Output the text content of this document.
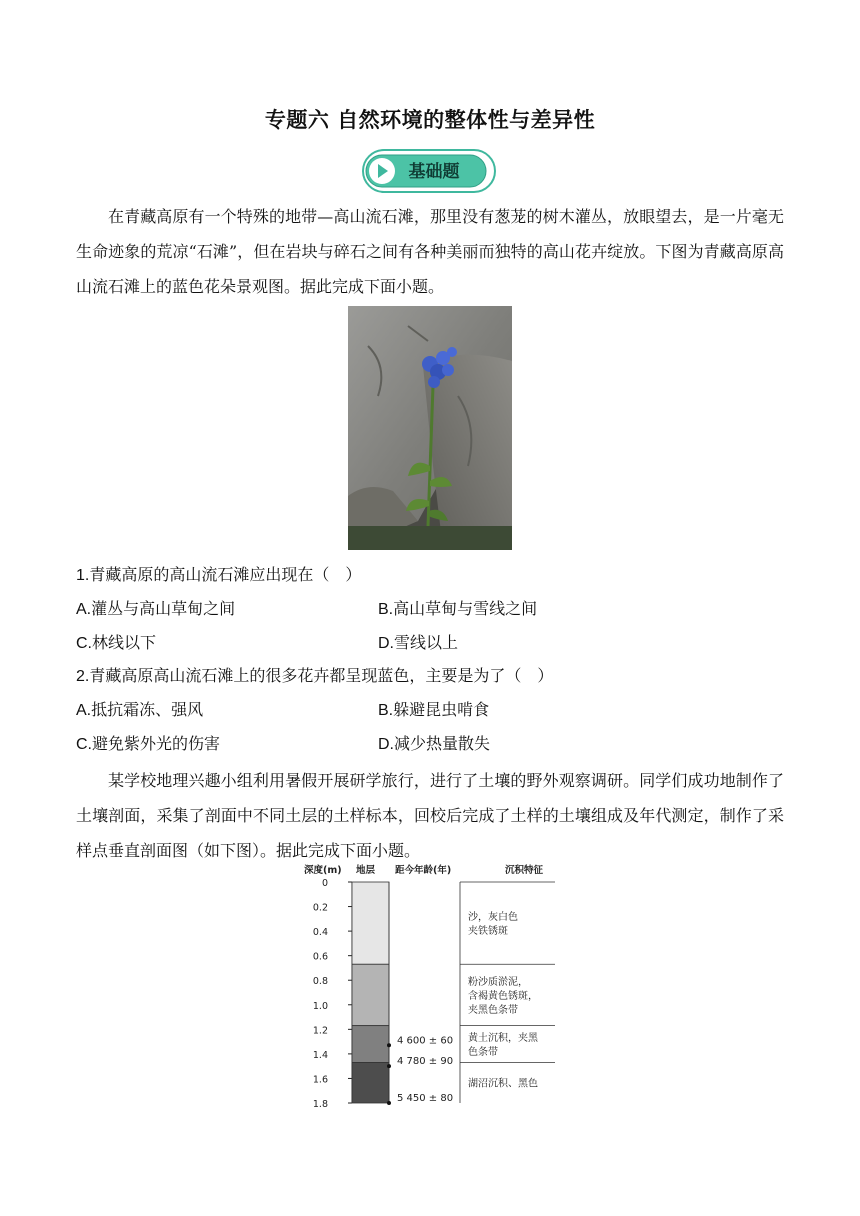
专题六 自然环境的整体性与差异性
基础题

在青藏高原有一个特殊的地带—高山流石滩，那里没有葱茏的树木灌丛，放眼望去，是一片毫无生命迹象的荒凉“石滩”，但在岩块与碎石之间有各种美丽而独特的高山花卉绽放。下图为青藏高原高山流石滩上的蓝色花朵景观图。据此完成下面小题。

1.青藏高原的高山流石滩应出现在（　）
A.灌丛与高山草甸之间	B.高山草甸与雪线之间
C.林线以下	D.雪线以上
2.青藏高原高山流石滩上的很多花卉都呈现蓝色，主要是为了（　）
A.抵抗霜冻、强风	B.躲避昆虫啃食
C.避免紫外光的伤害	D.减少热量散失

某学校地理兴趣小组利用暑假开展研学旅行，进行了土壤的野外观察调研。同学们成功地制作了土壤剖面，采集了剖面中不同土层的土样标本，回校后完成了土样的土壤组成及年代测定，制作了采样点垂直剖面图（如下图）。据此完成下面小题。

深度(m) 地层 距今年龄(年)	沉积特征
0
0.2
0.4
0.6
0.8
1.0
1.2
1.4
1.6
1.8
沙，灰白色
夹铁锈斑
粉沙质淤泥，
含褐黄色锈斑，
夹黑色条带
黄土沉积，夹黑
色条带
湖沼沉积、黑色
4 600 ± 60
4 780 ± 90
5 450 ± 80
